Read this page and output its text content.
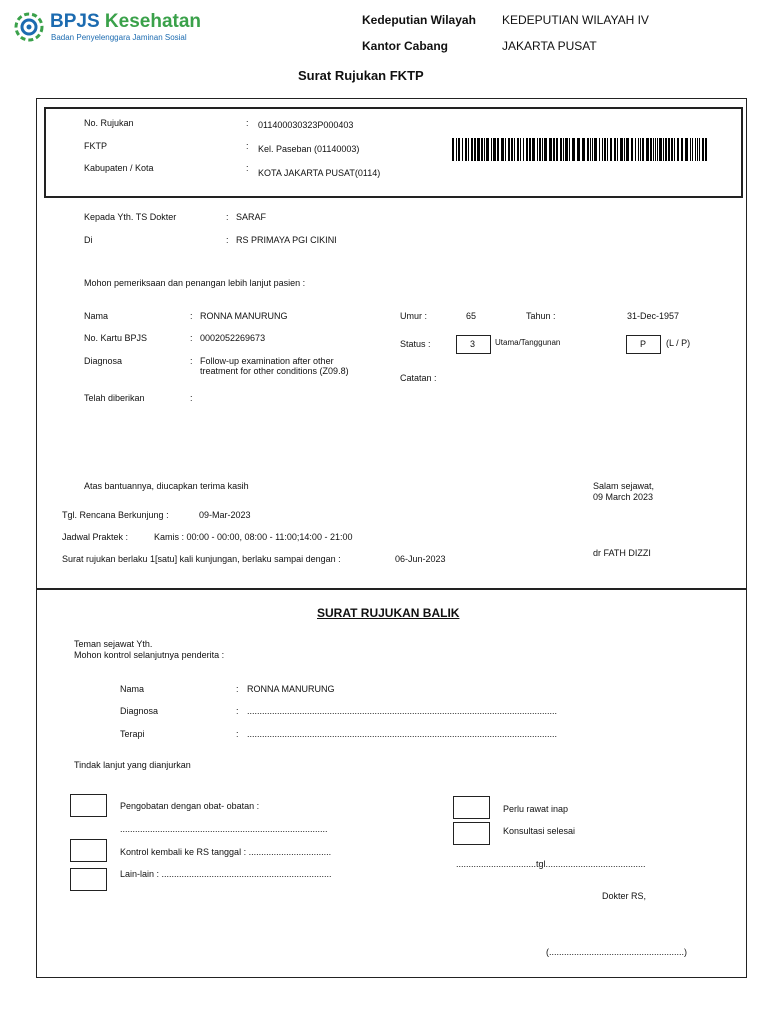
BPJS Kesehatan
Badan Penyelenggara Jaminan Sosial
Kedeputian Wilayah KEDEPUTIAN WILAYAH IV
Kantor Cabang	JAKARTA PUSAT
Surat Rujukan FKTP
No. Rujukan	: 011400030323P000403
FKTP	: Kel. Paseban (01140003)
Kabupaten / Kota	: KOTA JAKARTA PUSAT(0114)
Kepada Yth. TS Dokter	: SARAF
Di	: RS PRIMAYA PGI CIKINI
Mohon pemeriksaan dan penangan lebih lanjut pasien :
Nama	: RONNA MANURUNG
No. Kartu BPJS	: 0002052269673
Diagnosa	: Follow-up examination after other
treatment for other conditions (Z09.8)
Telah diberikan	:
Umur :	65	Tahun :	31-Dec-1957
Status :	3 Utama/Tanggunan	P (L / P)
Catatan :
Atas bantuannya, diucapkan terima kasih	Salam sejawat,
09 March 2023
Tgl. Rencana Berkunjung :	09-Mar-2023
Jadwal Praktek :	Kamis : 00:00 - 00:00, 08:00 - 11:00;14:00 - 21:00
Surat rujukan berlaku 1[satu] kali kunjungan, berlaku sampai dengan :	06-Jun-2023
dr FATH DIZZI
SURAT RUJUKAN BALIK
Teman sejawat Yth.
Mohon kontrol selanjutnya penderita :
Nama	: RONNA MANURUNG
Diagnosa	: ............................................................................................................................
Terapi	: ............................................................................................................................
Tindak lanjut yang dianjurkan
Pengobatan dengan obat- obatan :
...................................................................................
Kontrol kembali ke RS tanggal : .................................
Lain-lain : ....................................................................
Perlu rawat inap
Konsultasi selesai
................................tgl........................................
Dokter RS,
(......................................................)
